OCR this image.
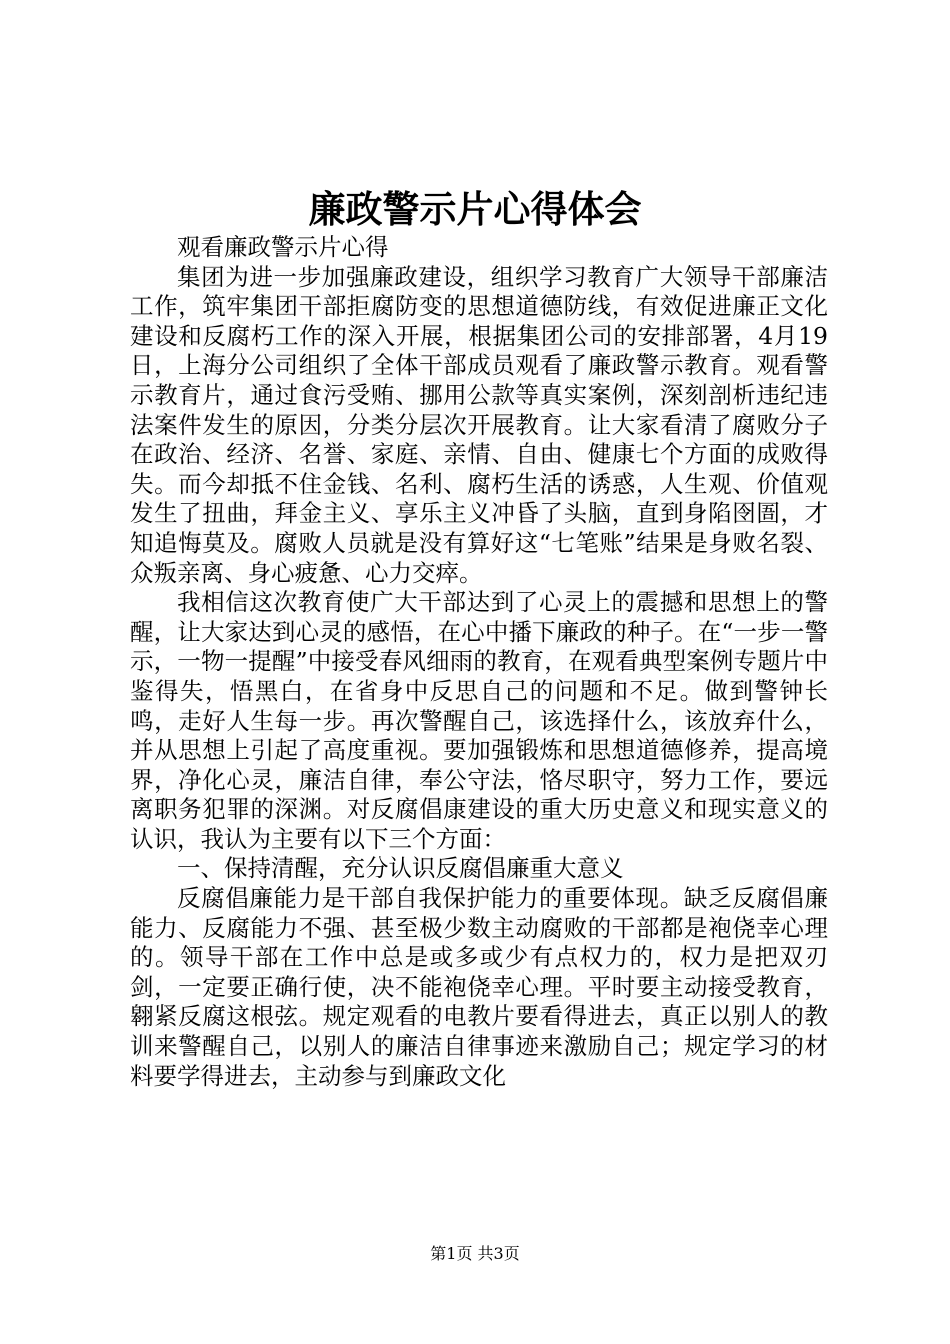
廉政警示片心得体会

观看廉政警示片心得

集团为进一步加强廉政建设，组织学习教育广大领导干部廉洁工作，筑牢集团干部拒腐防变的思想道德防线，有效促进廉正文化建设和反腐朽工作的深入开展，根据集团公司的安排部署，4月19日，上海分公司组织了全体干部成员观看了廉政警示教育。观看警示教育片，通过食污受贿、挪用公款等真实案例，深刻剖析违纪违法案件发生的原因，分类分层次开展教育。让大家看清了腐败分子在政治、经济、名誉、家庭、亲情、自由、健康七个方面的成败得失。而今却抵不住金钱、名利、腐朽生活的诱惑，人生观、价值观发生了扭曲，拜金主义、享乐主义冲昏了头脑，直到身陷囹圄，才知追悔莫及。腐败人员就是没有算好这“七笔账”结果是身败名裂、众叛亲离、身心疲惫、心力交瘁。

我相信这次教育使广大干部达到了心灵上的震撼和思想上的警醒，让大家达到心灵的感悟，在心中播下廉政的种子。在“一步一警示，一物一提醒”中接受春风细雨的教育，在观看典型案例专题片中鉴得失，悟黑白，在省身中反思自己的问题和不足。做到警钟长鸣，走好人生每一步。再次警醒自己，该选择什么，该放弃什么，并从思想上引起了高度重视。要加强锻炼和思想道德修养，提高境界，净化心灵，廉洁自律，奉公守法，恪尽职守，努力工作，要远离职务犯罪的深渊。对反腐倡康建设的重大历史意义和现实意义的认识，我认为主要有以下三个方面：

一、保持清醒，充分认识反腐倡廉重大意义

反腐倡廉能力是干部自我保护能力的重要体现。缺乏反腐倡廉能力、反腐能力不强、甚至极少数主动腐败的干部都是袍侥幸心理的。领导干部在工作中总是或多或少有点权力的，权力是把双刃剑，一定要正确行使，决不能袍侥幸心理。平时要主动接受教育，翱紧反腐这根弦。规定观看的电教片要看得进去，真正以别人的教训来警醒自己，以别人的廉洁自律事迹来激励自己；规定学习的材料要学得进去，主动参与到廉政文化

第1页 共3页
